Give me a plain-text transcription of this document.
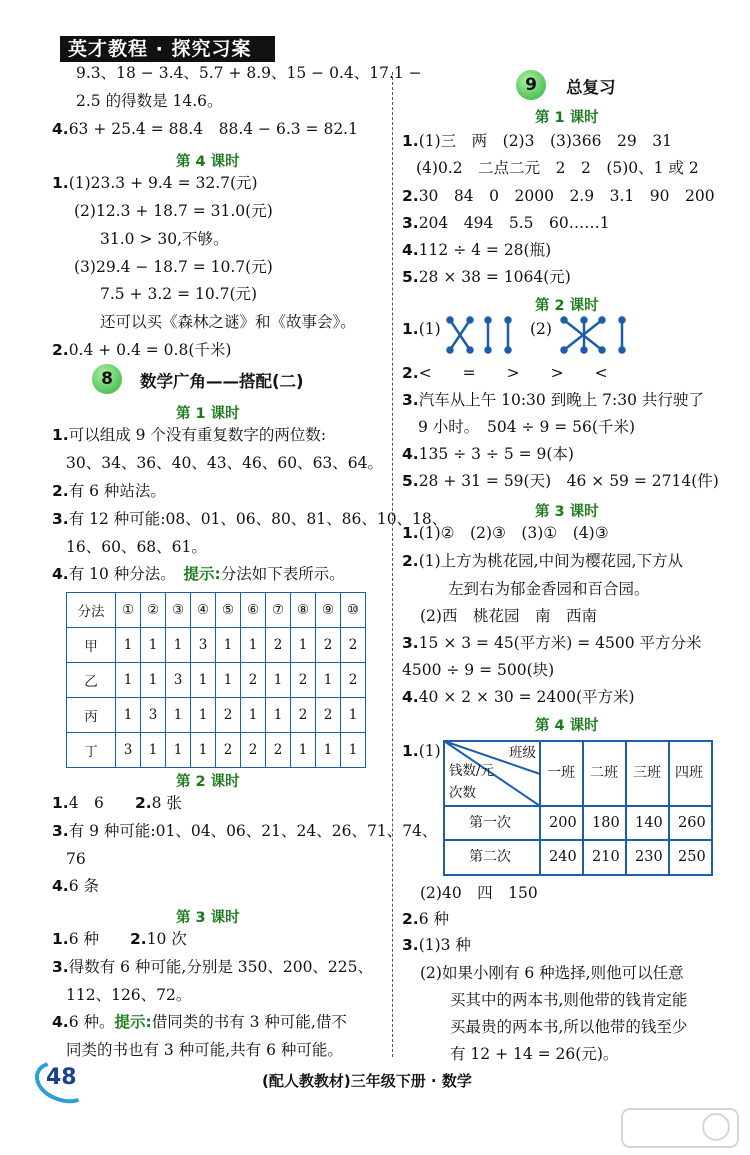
英才教程 · 探究习案
9.3、18 − 3.4、5.7 + 8.9、15 − 0.4、17.1 −
2.5 的得数是 14.6。
4.63 + 25.4 = 88.4　88.4 − 6.3 = 82.1
第 4 课时
1.(1)23.3 + 9.4 = 32.7(元)
(2)12.3 + 18.7 = 31.0(元)
31.0 > 30,不够。
(3)29.4 − 18.7 = 10.7(元)
7.5 + 3.2 = 10.7(元)
还可以买《森林之谜》和《故事会》。
2.0.4 + 0.4 = 0.8(千米)
8	数学广角——搭配(二)
第 1 课时
1.可以组成 9 个没有重复数字的两位数:
30、34、36、40、43、46、60、63、64。
2.有 6 种站法。
3.有 12 种可能:08、01、06、80、81、86、10、18、
16、60、68、61。
4.有 10 种分法。　 提示:分法如下表所示。
分法	①	②	③	④	⑤	⑥	⑦	⑧	⑨	⑩
甲	1	1	1	3	1	1	2	1	2	2
乙	1	1	3	1	1	2	1	2	1	2
丙	1	3	1	1	2	1	1	2	2	1
丁	3	1	1	1	2	2	2	1	1	1
第 2 课时
1.4　6　　2.8 张
3.有 9 种可能:01、04、06、21、24、26、71、74、
76
4.6 条
第 3 课时
1.6 种　　2.10 次
3.得数有 6 种可能,分别是 350、200、225、
112、126、72。
4.6 种。提示:借同类的书有 3 种可能,借不
同类的书也有 3 种可能,共有 6 种可能。
9	总复习
第 1 课时
1.(1)三　两　(2)3　(3)366　29　31
(4)0.2　二点二元　2　2　(5)0、1 或 2
2.30　84　0　2000　2.9　3.1　90　200
3.204　494　5.5　60……1
4.112 ÷ 4 = 28(瓶)
5.28 × 38 = 1064(元)
第 2 课时
1.(1)	(2)
2.<　　=　　>　　>　　<
3.汽车从上午 10:30 到晚上 7:30 共行驶了
9 小时。　504 ÷ 9 = 56(千米)
4.135 ÷ 3 ÷ 5 = 9(本)
5.28 + 31 = 59(天)　46 × 59 = 2714(件)
第 3 课时
1.(1)②　(2)③　(3)①　(4)③
2.(1)上方为桃花园,中间为樱花园,下方从
左到右为郁金香园和百合园。
(2)西　桃花园　南　西南
3.15 × 3 = 45(平方米) = 4500 平方分米
4500 ÷ 9 = 500(块)
4.40 × 2 × 30 = 2400(平方米)
第 4 课时
1.(1)	班级
钱数/元
次数
一班 二班 三班 四班
第一次	200 180 140 260
第二次	240 210 230 250
(2)40　四　150
2.6 种
3.(1)3 种
(2)如果小刚有 6 种选择,则他可以任意
买其中的两本书,则他带的钱肯定能
买最贵的两本书,所以他带的钱至少
有 12 + 14 = 26(元)。
48	(配人教教材)三年级下册 · 数学
